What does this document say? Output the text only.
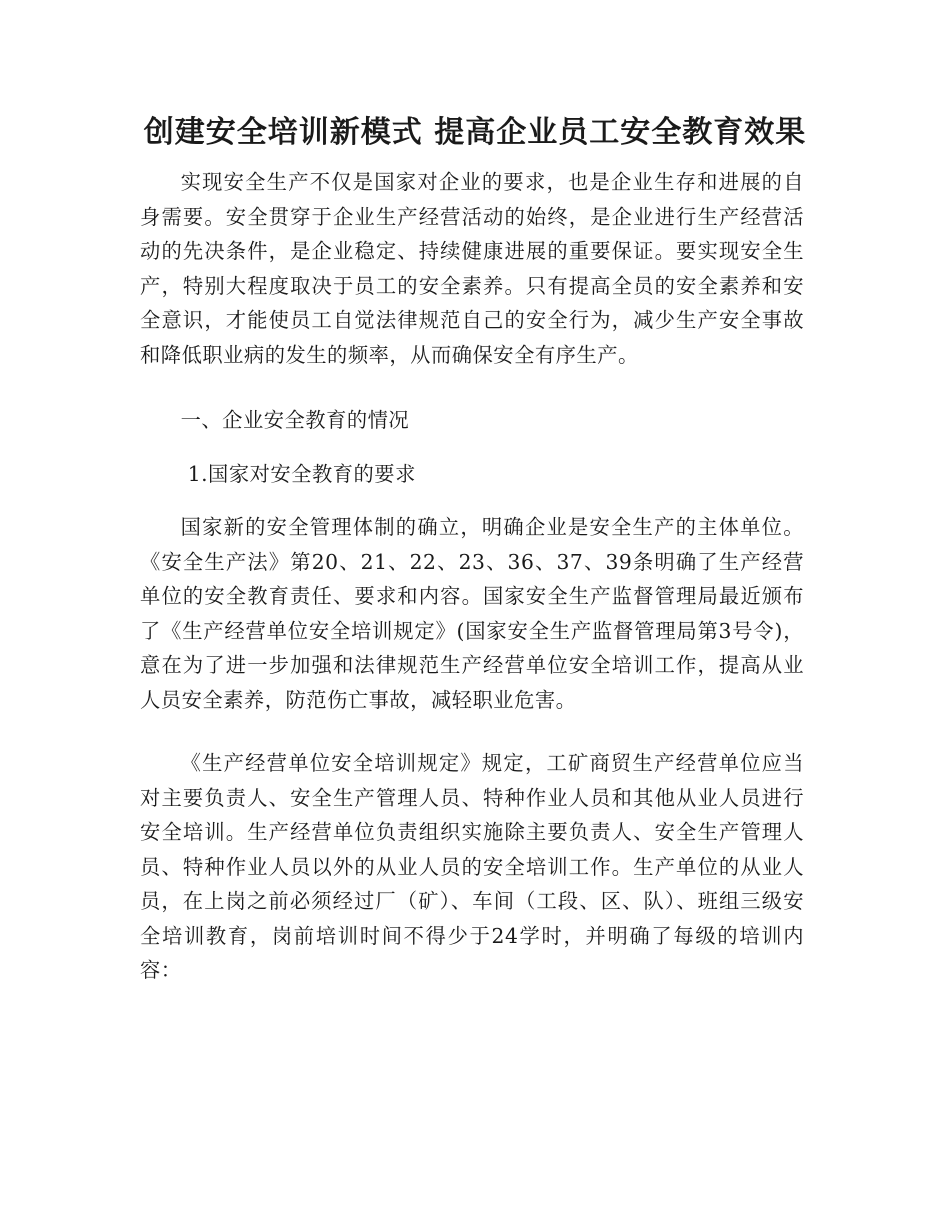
创建安全培训新模式 提高企业员工安全教育效果

实现安全生产不仅是国家对企业的要求，也是企业生存和进展的自身需要。安全贯穿于企业生产经营活动的始终，是企业进行生产经营活动的先决条件，是企业稳定、持续健康进展的重要保证。要实现安全生产，特别大程度取决于员工的安全素养。只有提高全员的安全素养和安全意识，才能使员工自觉法律规范自己的安全行为，减少生产安全事故和降低职业病的发生的频率，从而确保安全有序生产。

一、企业安全教育的情况

1.国家对安全教育的要求

国家新的安全管理体制的确立，明确企业是安全生产的主体单位。《安全生产法》第20、21、22、23、36、37、39条明确了生产经营单位的安全教育责任、要求和内容。国家安全生产监督管理局最近颁布了《生产经营单位安全培训规定》(国家安全生产监督管理局第3号令)，意在为了进一步加强和法律规范生产经营单位安全培训工作，提高从业人员安全素养，防范伤亡事故，减轻职业危害。

《生产经营单位安全培训规定》规定，工矿商贸生产经营单位应当对主要负责人、安全生产管理人员、特种作业人员和其他从业人员进行安全培训。生产经营单位负责组织实施除主要负责人、安全生产管理人员、特种作业人员以外的从业人员的安全培训工作。生产单位的从业人员，在上岗之前必须经过厂（矿）、车间（工段、区、队）、班组三级安全培训教育，岗前培训时间不得少于24学时，并明确了每级的培训内容：
